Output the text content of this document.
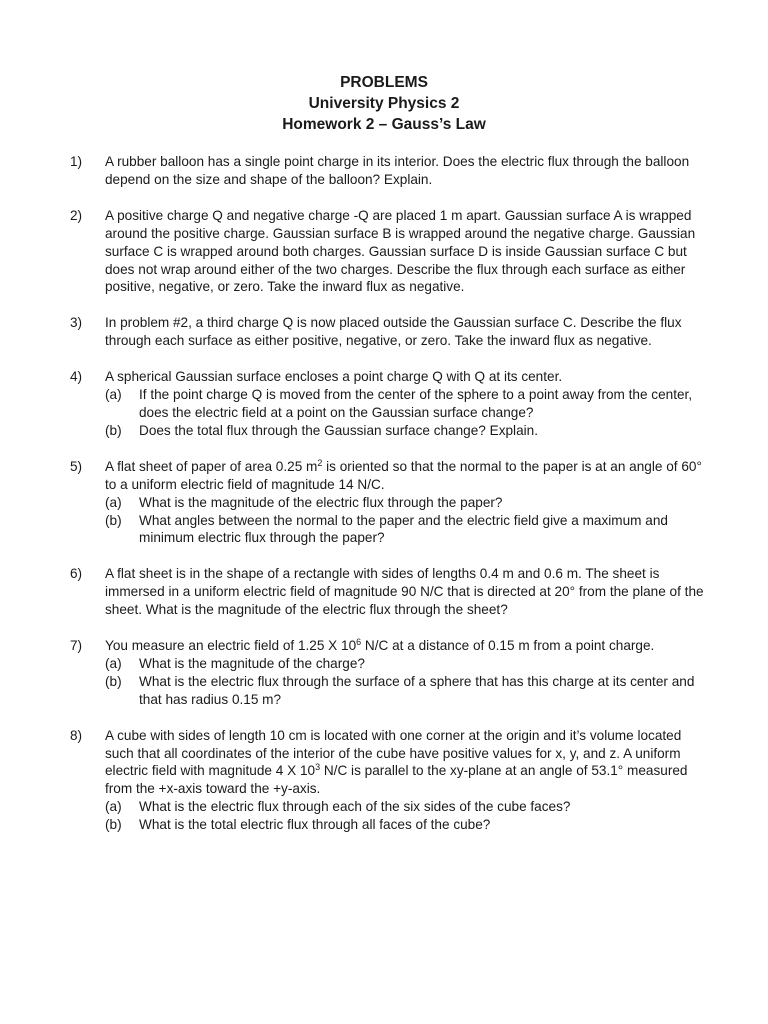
PROBLEMS
University Physics 2
Homework 2 – Gauss’s Law
1) A rubber balloon has a single point charge in its interior. Does the electric flux through the balloon depend on the size and shape of the balloon? Explain.
2) A positive charge Q and negative charge -Q are placed 1 m apart. Gaussian surface A is wrapped around the positive charge. Gaussian surface B is wrapped around the negative charge. Gaussian surface C is wrapped around both charges. Gaussian surface D is inside Gaussian surface C but does not wrap around either of the two charges. Describe the flux through each surface as either positive, negative, or zero. Take the inward flux as negative.
3) In problem #2, a third charge Q is now placed outside the Gaussian surface C. Describe the flux through each surface as either positive, negative, or zero. Take the inward flux as negative.
4) A spherical Gaussian surface encloses a point charge Q with Q at its center.
(a) If the point charge Q is moved from the center of the sphere to a point away from the center, does the electric field at a point on the Gaussian surface change?
(b) Does the total flux through the Gaussian surface change? Explain.
5) A flat sheet of paper of area 0.25 $m^2$ is oriented so that the normal to the paper is at an angle of 60° to a uniform electric field of magnitude 14 N/C.
(a) What is the magnitude of the electric flux through the paper?
(b) What angles between the normal to the paper and the electric field give a maximum and minimum electric flux through the paper?
6) A flat sheet is in the shape of a rectangle with sides of lengths 0.4 m and 0.6 m. The sheet is immersed in a uniform electric field of magnitude 90 N/C that is directed at 20° from the plane of the sheet. What is the magnitude of the electric flux through the sheet?
7) You measure an electric field of 1.25 X $10^6$ N/C at a distance of 0.15 m from a point charge.
(a) What is the magnitude of the charge?
(b) What is the electric flux through the surface of a sphere that has this charge at its center and that has radius 0.15 m?
8) A cube with sides of length 10 cm is located with one corner at the origin and it’s volume located such that all coordinates of the interior of the cube have positive values for x, y, and z. A uniform electric field with magnitude 4 X $10^3$ N/C is parallel to the xy-plane at an angle of 53.1° measured from the +x-axis toward the +y-axis.
(a) What is the electric flux through each of the six sides of the cube faces?
(b) What is the total electric flux through all faces of the cube?
